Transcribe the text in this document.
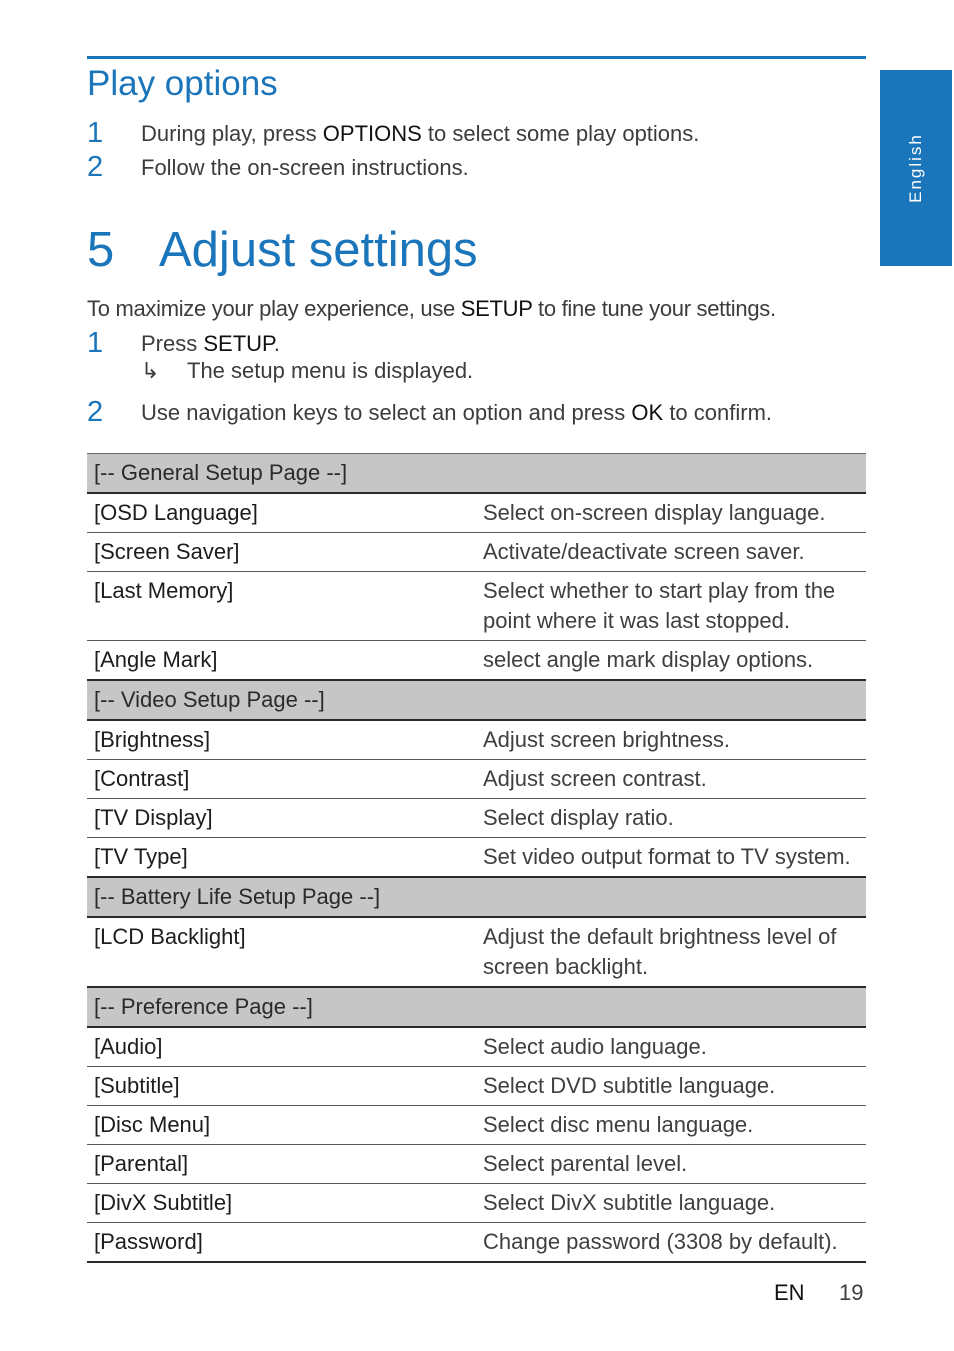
English
Play options
1 During play, press OPTIONS to select some play options.
2 Follow the on-screen instructions.
5 Adjust settings
To maximize your play experience, use SETUP to fine tune your settings.
1 Press SETUP.
↳ The setup menu is displayed.
2 Use navigation keys to select an option and press OK to confirm.
[-- General Setup Page --]	
[OSD Language]	Select on-screen display language.
[Screen Saver]	Activate/deactivate screen saver.
[Last Memory]	Select whether to start play from the point where it was last stopped.
[Angle Mark]	select angle mark display options.
[-- Video Setup Page --]	
[Brightness]	Adjust screen brightness.
[Contrast]	Adjust screen contrast.
[TV Display]	Select display ratio.
[TV Type]	Set video output format to TV system.
[-- Battery Life Setup Page --]	
[LCD Backlight]	Adjust the default brightness level of screen backlight.
[-- Preference Page --]	
[Audio]	Select audio language.
[Subtitle]	Select DVD subtitle language.
[Disc Menu]	Select disc menu language.
[Parental]	Select parental level.
[DivX Subtitle]	Select DivX subtitle language.
[Password]	Change password (3308 by default).
EN 19
